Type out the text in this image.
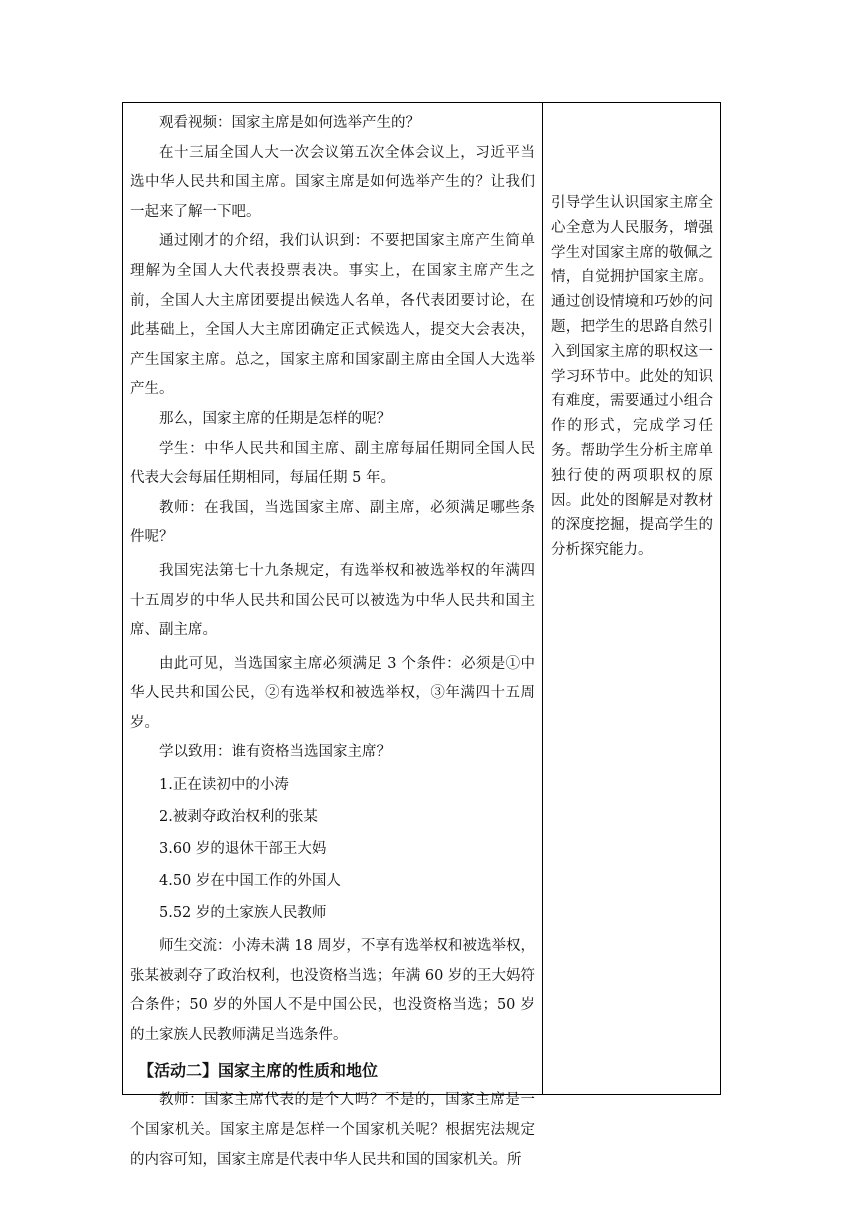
观看视频：国家主席是如何选举产生的？

在十三届全国人大一次会议第五次全体会议上，习近平当选中华人民共和国主席。国家主席是如何选举产生的？让我们一起来了解一下吧。

通过刚才的介绍，我们认识到：不要把国家主席产生简单理解为全国人大代表投票表决。事实上，在国家主席产生之前，全国人大主席团要提出候选人名单，各代表团要讨论，在此基础上，全国人大主席团确定正式候选人，提交大会表决，产生国家主席。总之，国家主席和国家副主席由全国人大选举产生。

那么，国家主席的任期是怎样的呢？

学生：中华人民共和国主席、副主席每届任期同全国人民代表大会每届任期相同，每届任期 5 年。

教师：在我国，当选国家主席、副主席，必须满足哪些条件呢？

我国宪法第七十九条规定，有选举权和被选举权的年满四十五周岁的中华人民共和国公民可以被选为中华人民共和国主席、副主席。

由此可见，当选国家主席必须满足 3 个条件：必须是①中华人民共和国公民，②有选举权和被选举权，③年满四十五周岁。

学以致用：谁有资格当选国家主席？

1.正在读初中的小涛

2.被剥夺政治权利的张某

3.60 岁的退休干部王大妈

4.50 岁在中国工作的外国人

5.52 岁的土家族人民教师

师生交流：小涛未满 18 周岁，不享有选举权和被选举权，张某被剥夺了政治权利，也没资格当选；年满 60 岁的王大妈符合条件；50 岁的外国人不是中国公民，也没资格当选；50 岁的土家族人民教师满足当选条件。

【活动二】国家主席的性质和地位

教师：国家主席代表的是个人吗？不是的，国家主席是一个国家机关。国家主席是怎样一个国家机关呢？根据宪法规定的内容可知，国家主席是代表中华人民共和国的国家机关。所

引导学生认识国家主席全心全意为人民服务，增强学生对国家主席的敬佩之情，自觉拥护国家主席。通过创设情境和巧妙的问题，把学生的思路自然引入到国家主席的职权这一学习环节中。此处的知识有难度，需要通过小组合作的形式，完成学习任务。帮助学生分析主席单独行使的两项职权的原因。此处的图解是对教材的深度挖掘，提高学生的分析探究能力。
